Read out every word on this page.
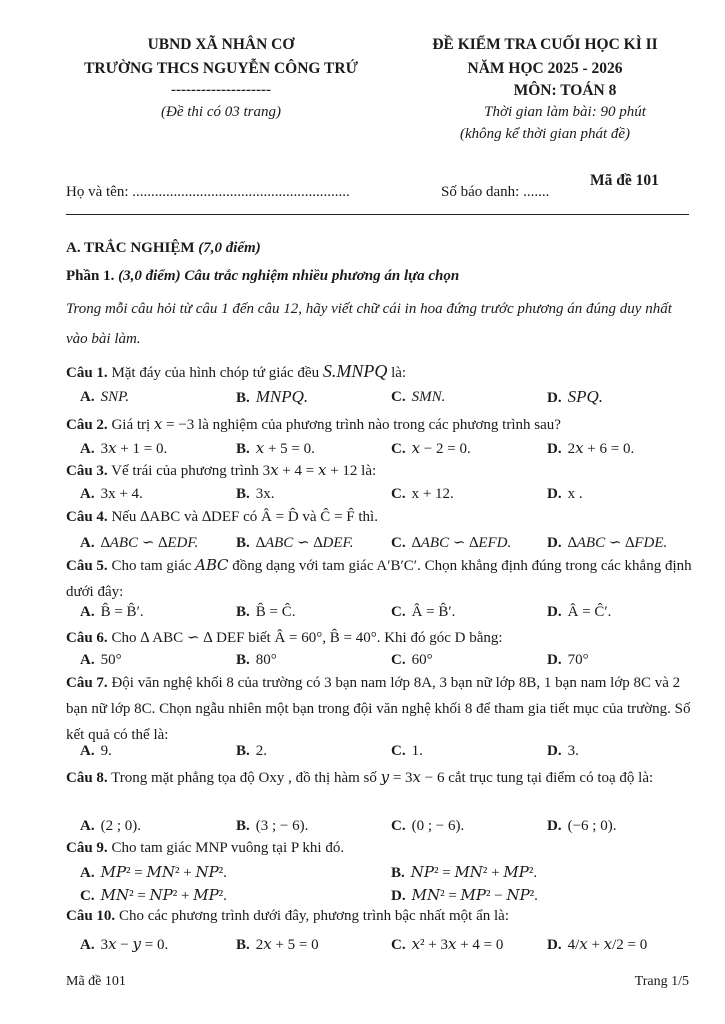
UBND XÃ NHÂN CƠ
TRƯỜNG THCS NGUYỄN CÔNG TRỨ
--------------------
(Đề thi có 03 trang)
ĐỀ KIỂM TRA CUỐI HỌC KÌ II
NĂM HỌC 2025 - 2026
MÔN: TOÁN 8
Thời gian làm bài: 90 phút
(không kể thời gian phát đề)
Mã đề 101
Họ và tên: ..........................................................	Số báo danh: .......
A. TRẮC NGHIỆM (7,0 điểm)
Phần 1. (3,0 điểm) Câu trắc nghiệm nhiều phương án lựa chọn
Trong mỗi câu hỏi từ câu 1 đến câu 12, hãy viết chữ cái in hoa đứng trước phương án đúng duy nhất vào bài làm.
Câu 1. Mặt đáy của hình chóp tứ giác đều S.MNPQ là:
A. SNP.	B. MNPQ.	C. SMN.	D. SPQ.
Câu 2. Giá trị 𝑥 = −3 là nghiệm của phương trình nào trong các phương trình sau?
A. 3𝑥 + 1 = 0.	B. 𝑥 + 5 = 0.	C. 𝑥 − 2 = 0.	D. 2𝑥 + 6 = 0.
Câu 3. Vế trái của phương trình 3𝑥 + 4 = 𝑥 + 12 là:
A. 3x + 4.	B. 3x.	C. x + 12.	D. x .
Câu 4. Nếu ∆ABC và ∆DEF có Â = D̂ và Ĉ = F̂ thì.
A. ∆ABC ∽ ∆EDF.	B. ∆ABC ∽ ∆DEF.	C. ∆ABC ∽ ∆EFD. D. ∆ABC ∽ ∆FDE.
Câu 5. Cho tam giác 𝐴𝐵𝐶 đồng dạng với tam giác A′B′C′. Chọn khẳng định đúng trong các khẳng định dưới đây:
A. B̂ = B̂′.	B. B̂ = Ĉ.	C. Â = B̂′.	D. Â = Ĉ′.
Câu 6. Cho ∆ ABC ∽ ∆ DEF biết Â = 60°, B̂ = 40°. Khi đó góc D bằng:
A. 50°	B. 80°	C. 60°	D. 70°
Câu 7. Đội văn nghệ khối 8 của trường có 3 bạn nam lớp 8A, 3 bạn nữ lớp 8B, 1 bạn nam lớp 8C và 2 bạn nữ lớp 8C. Chọn ngẫu nhiên một bạn trong đội văn nghệ khối 8 để tham gia tiết mục của trường. Số kết quả có thể là:
A. 9.	B. 2.	C. 1.	D. 3.
Câu 8. Trong mặt phẳng tọa độ Oxy , đồ thị hàm số 𝑦 = 3𝑥 − 6 cắt trục tung tại điểm có toạ độ là:
A. (2 ; 0).	B. (3 ; − 6).	C. (0 ; − 6).	D. (−6 ; 0).
Câu 9. Cho tam giác MNP vuông tại P khi đó.
A. 𝑀𝑃² = 𝑀𝑁² + 𝑁𝑃².	B. 𝑁𝑃² = 𝑀𝑁² + 𝑀𝑃².
C. 𝑀𝑁² = 𝑁𝑃² + 𝑀𝑃².	D. 𝑀𝑁² = 𝑀𝑃² − 𝑁𝑃².
Câu 10. Cho các phương trình dưới đây, phương trình bậc nhất một ẩn là:
A. 3𝑥 − 𝑦 = 0.	B. 2𝑥 + 5 = 0	C. 𝑥² + 3𝑥 + 4 = 0	D. 4/𝑥 + 𝑥/2 = 0
Mã đề 101	Trang 1/5
